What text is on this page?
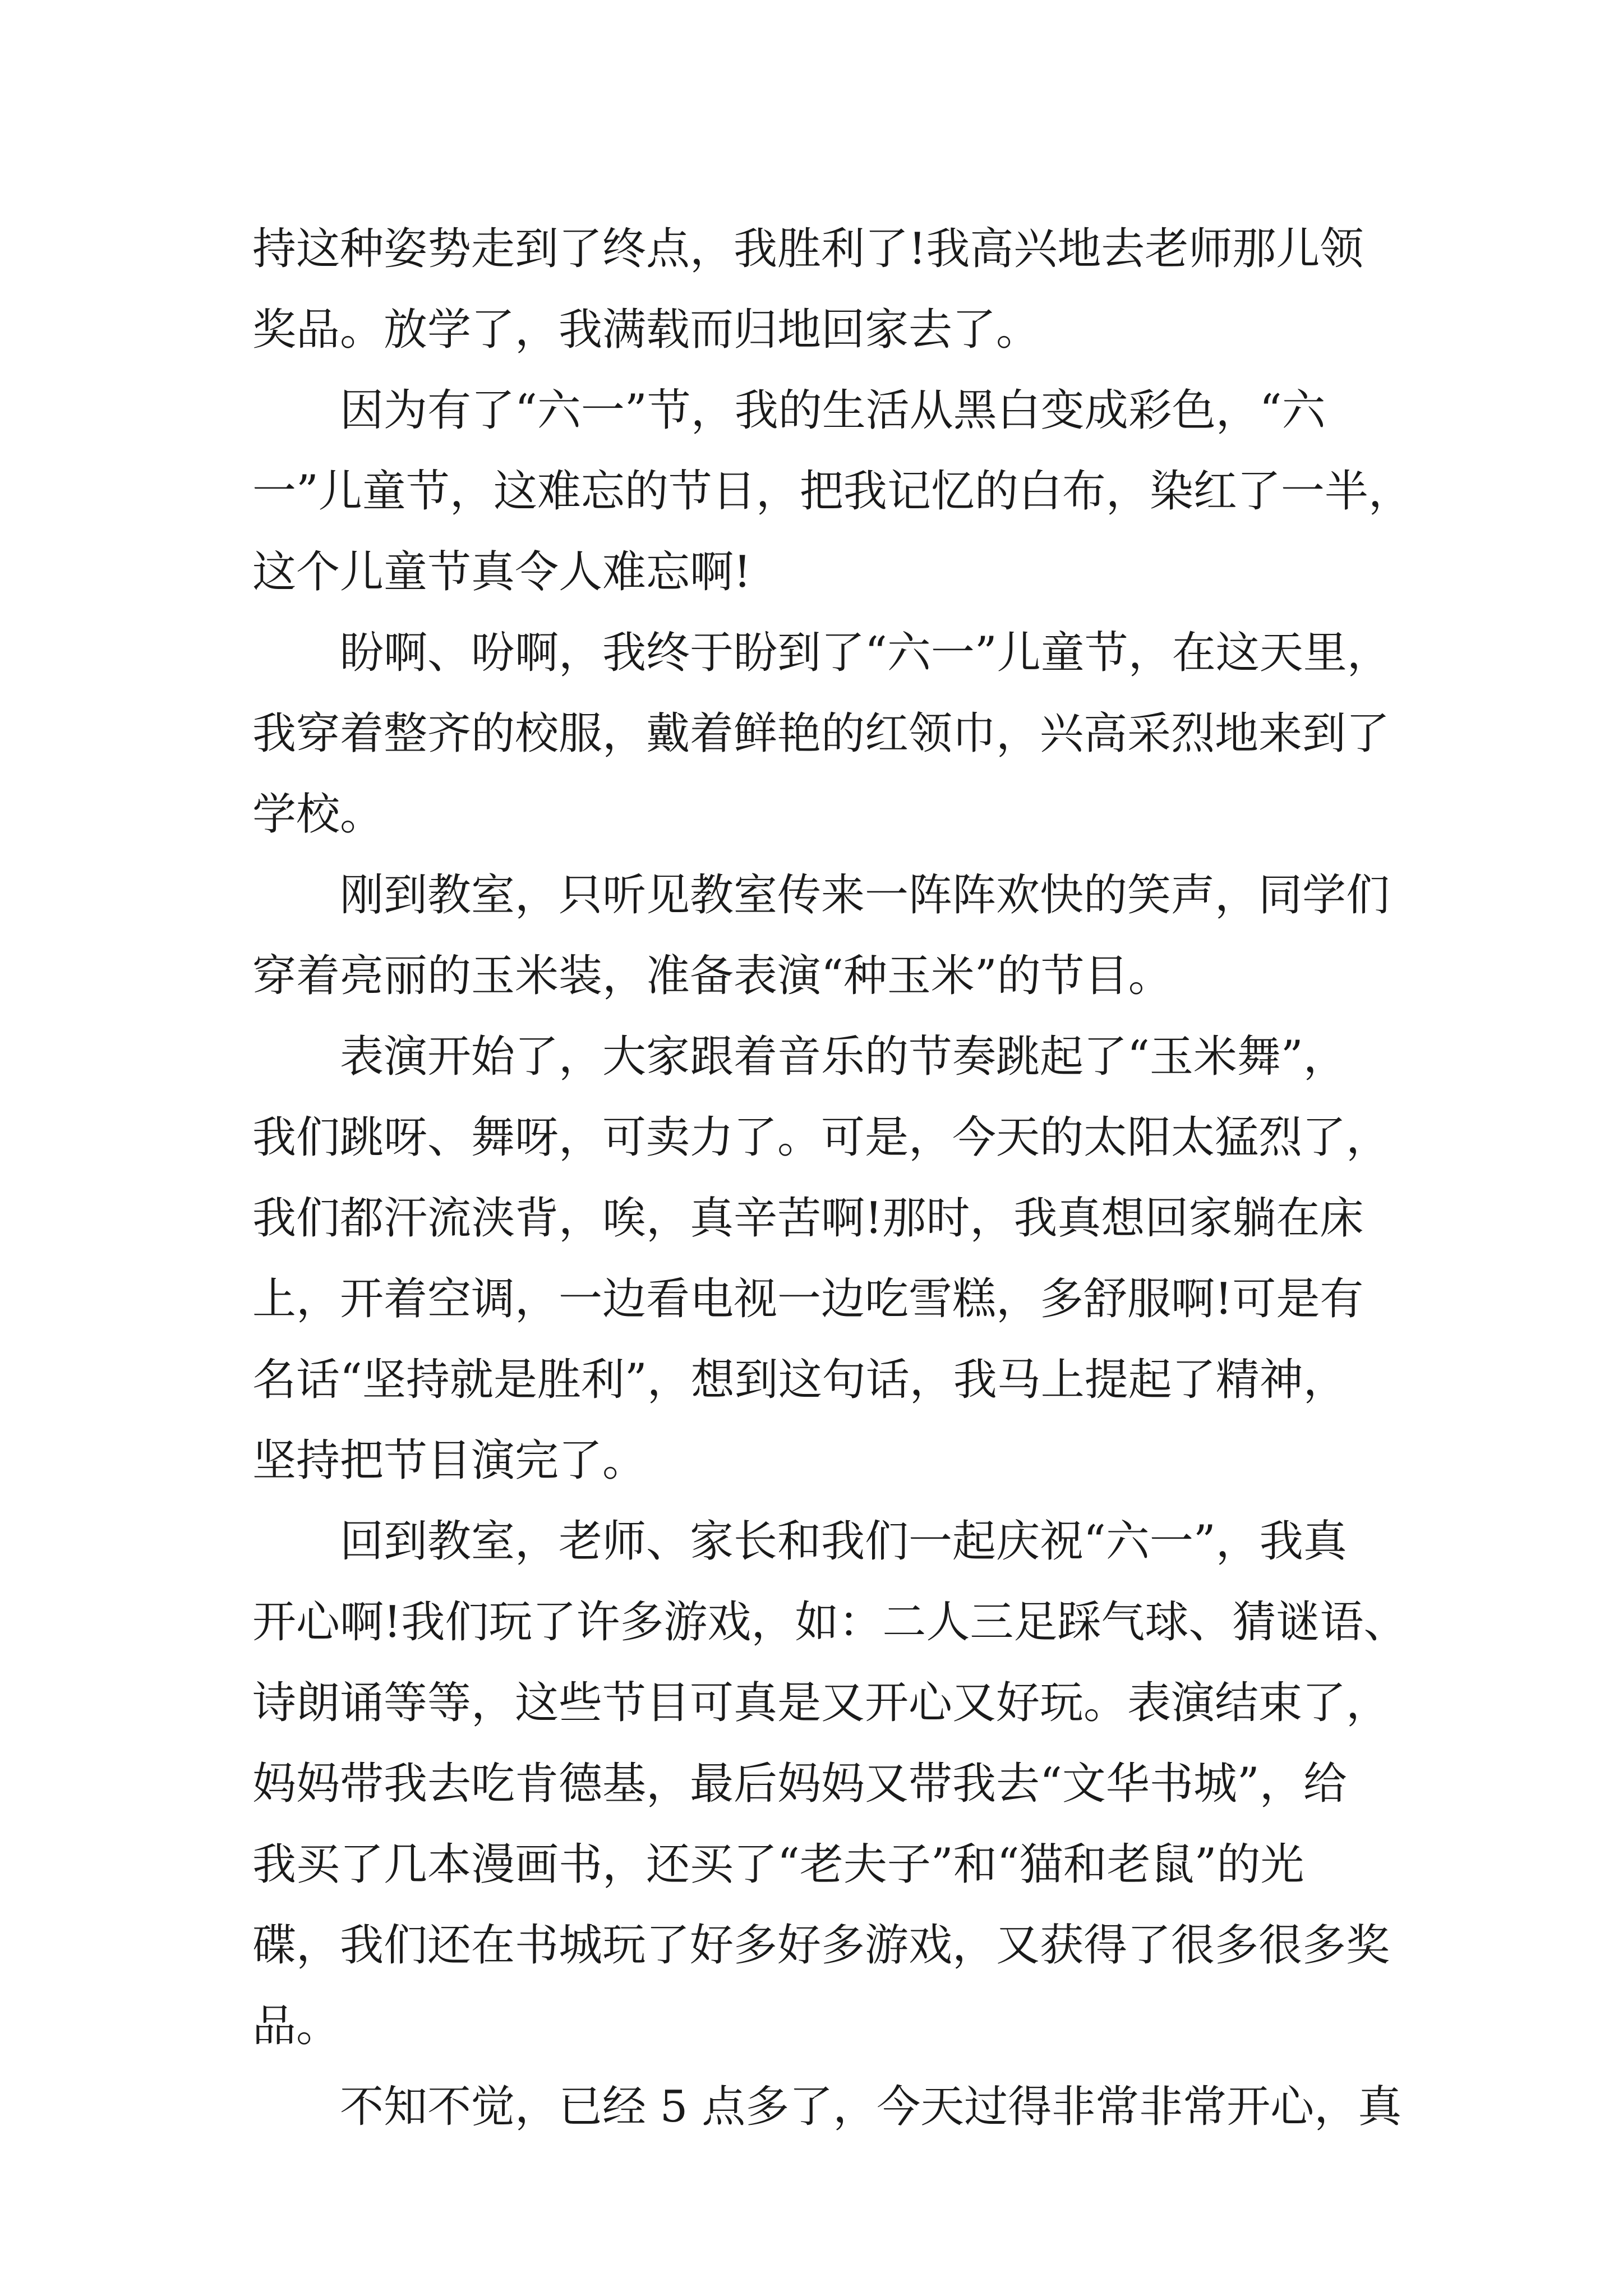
持这种姿势走到了终点，我胜利了!我高兴地去老师那儿领
奖品。放学了，我满载而归地回家去了。
因为有了“六一”节，我的生活从黑白变成彩色，“六
一”儿童节，这难忘的节日，把我记忆的白布，染红了一半，
这个儿童节真令人难忘啊!
盼啊、吩啊，我终于盼到了“六一”儿童节，在这天里，
我穿着整齐的校服，戴着鲜艳的红领巾，兴高采烈地来到了
学校。
刚到教室，只听见教室传来一阵阵欢快的笑声，同学们
穿着亮丽的玉米装，准备表演“种玉米”的节目。
表演开始了，大家跟着音乐的节奏跳起了“玉米舞”，
我们跳呀、舞呀，可卖力了。可是，今天的太阳太猛烈了，
我们都汗流浃背，唉，真辛苦啊!那时，我真想回家躺在床
上，开着空调，一边看电视一边吃雪糕，多舒服啊!可是有
名话“坚持就是胜利”，想到这句话，我马上提起了精神，
坚持把节目演完了。
回到教室，老师、家长和我们一起庆祝“六一”，我真
开心啊!我们玩了许多游戏，如：二人三足踩气球、猜谜语、
诗朗诵等等，这些节目可真是又开心又好玩。表演结束了，
妈妈带我去吃肯德基，最后妈妈又带我去“文华书城”，给
我买了几本漫画书，还买了“老夫子”和“猫和老鼠”的光
碟，我们还在书城玩了好多好多游戏，又获得了很多很多奖
品。
不知不觉，已经 5 点多了，今天过得非常非常开心，真
